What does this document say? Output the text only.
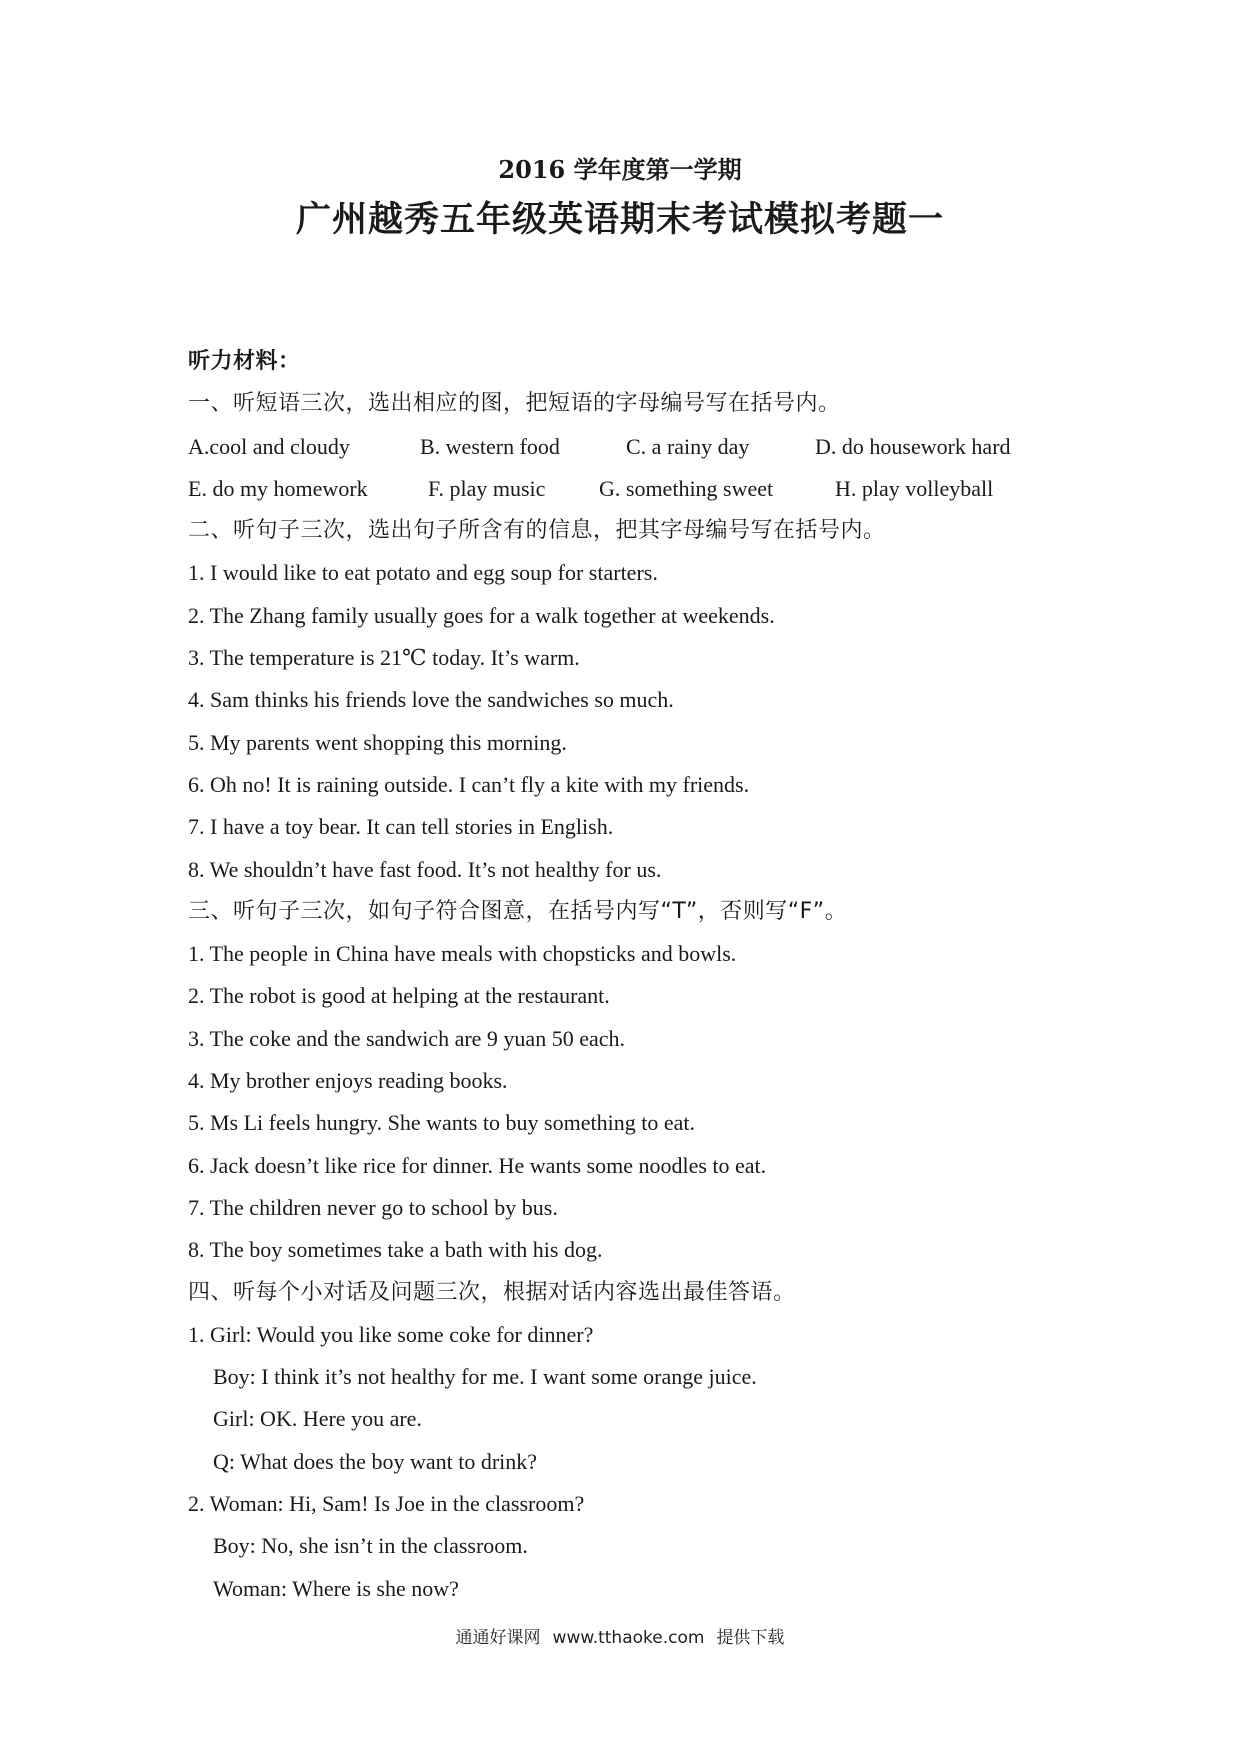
2016 学年度第一学期
广州越秀五年级英语期末考试模拟考题一
听力材料：
一、听短语三次，选出相应的图，把短语的字母编号写在括号内。
A.cool and cloudy	B. western food	C. a rainy day	D. do housework hard
E. do my homework	F. play music	G. something sweet	H. play volleyball
二、听句子三次，选出句子所含有的信息，把其字母编号写在括号内。
1. I would like to eat potato and egg soup for starters.
2. The Zhang family usually goes for a walk together at weekends.
3. The temperature is 21℃ today. It’s warm.
4. Sam thinks his friends love the sandwiches so much.
5. My parents went shopping this morning.
6. Oh no! It is raining outside. I can’t fly a kite with my friends.
7. I have a toy bear. It can tell stories in English.
8. We shouldn’t have fast food. It’s not healthy for us.
三、听句子三次，如句子符合图意，在括号内写“T”，否则写“F”。
1. The people in China have meals with chopsticks and bowls.
2. The robot is good at helping at the restaurant.
3. The coke and the sandwich are 9 yuan 50 each.
4. My brother enjoys reading books.
5. Ms Li feels hungry. She wants to buy something to eat.
6. Jack doesn’t like rice for dinner. He wants some noodles to eat.
7. The children never go to school by bus.
8. The boy sometimes take a bath with his dog.
四、听每个小对话及问题三次，根据对话内容选出最佳答语。
1. Girl: Would you like some coke for dinner?
Boy: I think it’s not healthy for me. I want some orange juice.
Girl: OK. Here you are.
Q: What does the boy want to drink?
2. Woman: Hi, Sam! Is Joe in the classroom?
Boy: No, she isn’t in the classroom.
Woman: Where is she now?
通通好课网 www.tthaoke.com 提供下载
